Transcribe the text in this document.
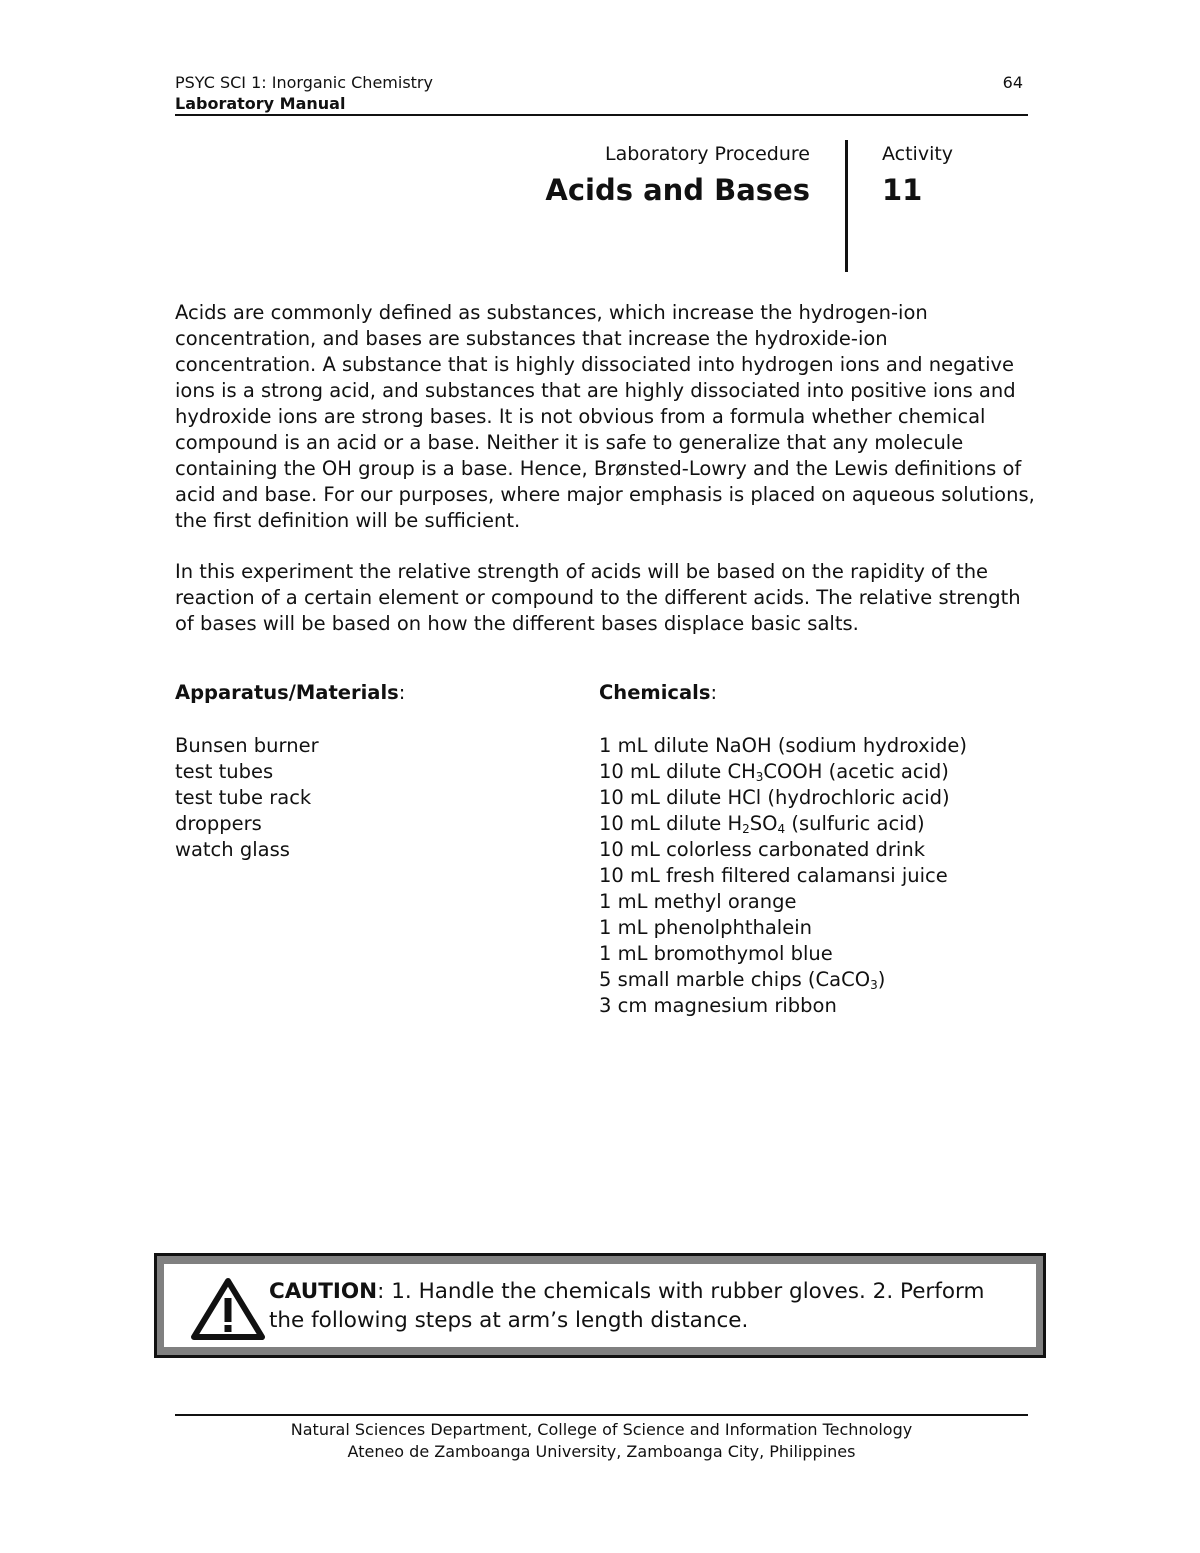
PSYC SCI 1: Inorganic Chemistry
Laboratory Manual
64
Laboratory Procedure
Acids and Bases
Activity
11

Acids are commonly defined as substances, which increase the hydrogen-ion concentration, and bases are substances that increase the hydroxide-ion concentration. A substance that is highly dissociated into hydrogen ions and negative ions is a strong acid, and substances that are highly dissociated into positive ions and hydroxide ions are strong bases. It is not obvious from a formula whether chemical compound is an acid or a base. Neither it is safe to generalize that any molecule containing the OH group is a base. Hence, Brønsted-Lowry and the Lewis definitions of acid and base. For our purposes, where major emphasis is placed on aqueous solutions, the first definition will be sufficient.

In this experiment the relative strength of acids will be based on the rapidity of the reaction of a certain element or compound to the different acids. The relative strength of bases will be based on how the different bases displace basic salts.

Apparatus/Materials:
Bunsen burner
test tubes
test tube rack
droppers
watch glass
Chemicals:
1 mL dilute NaOH (sodium hydroxide)
10 mL dilute $CH_3COOH$ (acetic acid)
10 mL dilute HCl (hydrochloric acid)
10 mL dilute $H_2SO_4$ (sulfuric acid)
10 mL colorless carbonated drink
10 mL fresh filtered calamansi juice
1 mL methyl orange
1 mL phenolphthalein
1 mL bromothymol blue
5 small marble chips (CaCO$_3$)
3 cm magnesium ribbon
CAUTION: 1. Handle the chemicals with rubber gloves. 2. Perform the following steps at arm’s length distance.
Natural Sciences Department, College of Science and Information Technology
Ateneo de Zamboanga University, Zamboanga City, Philippines
